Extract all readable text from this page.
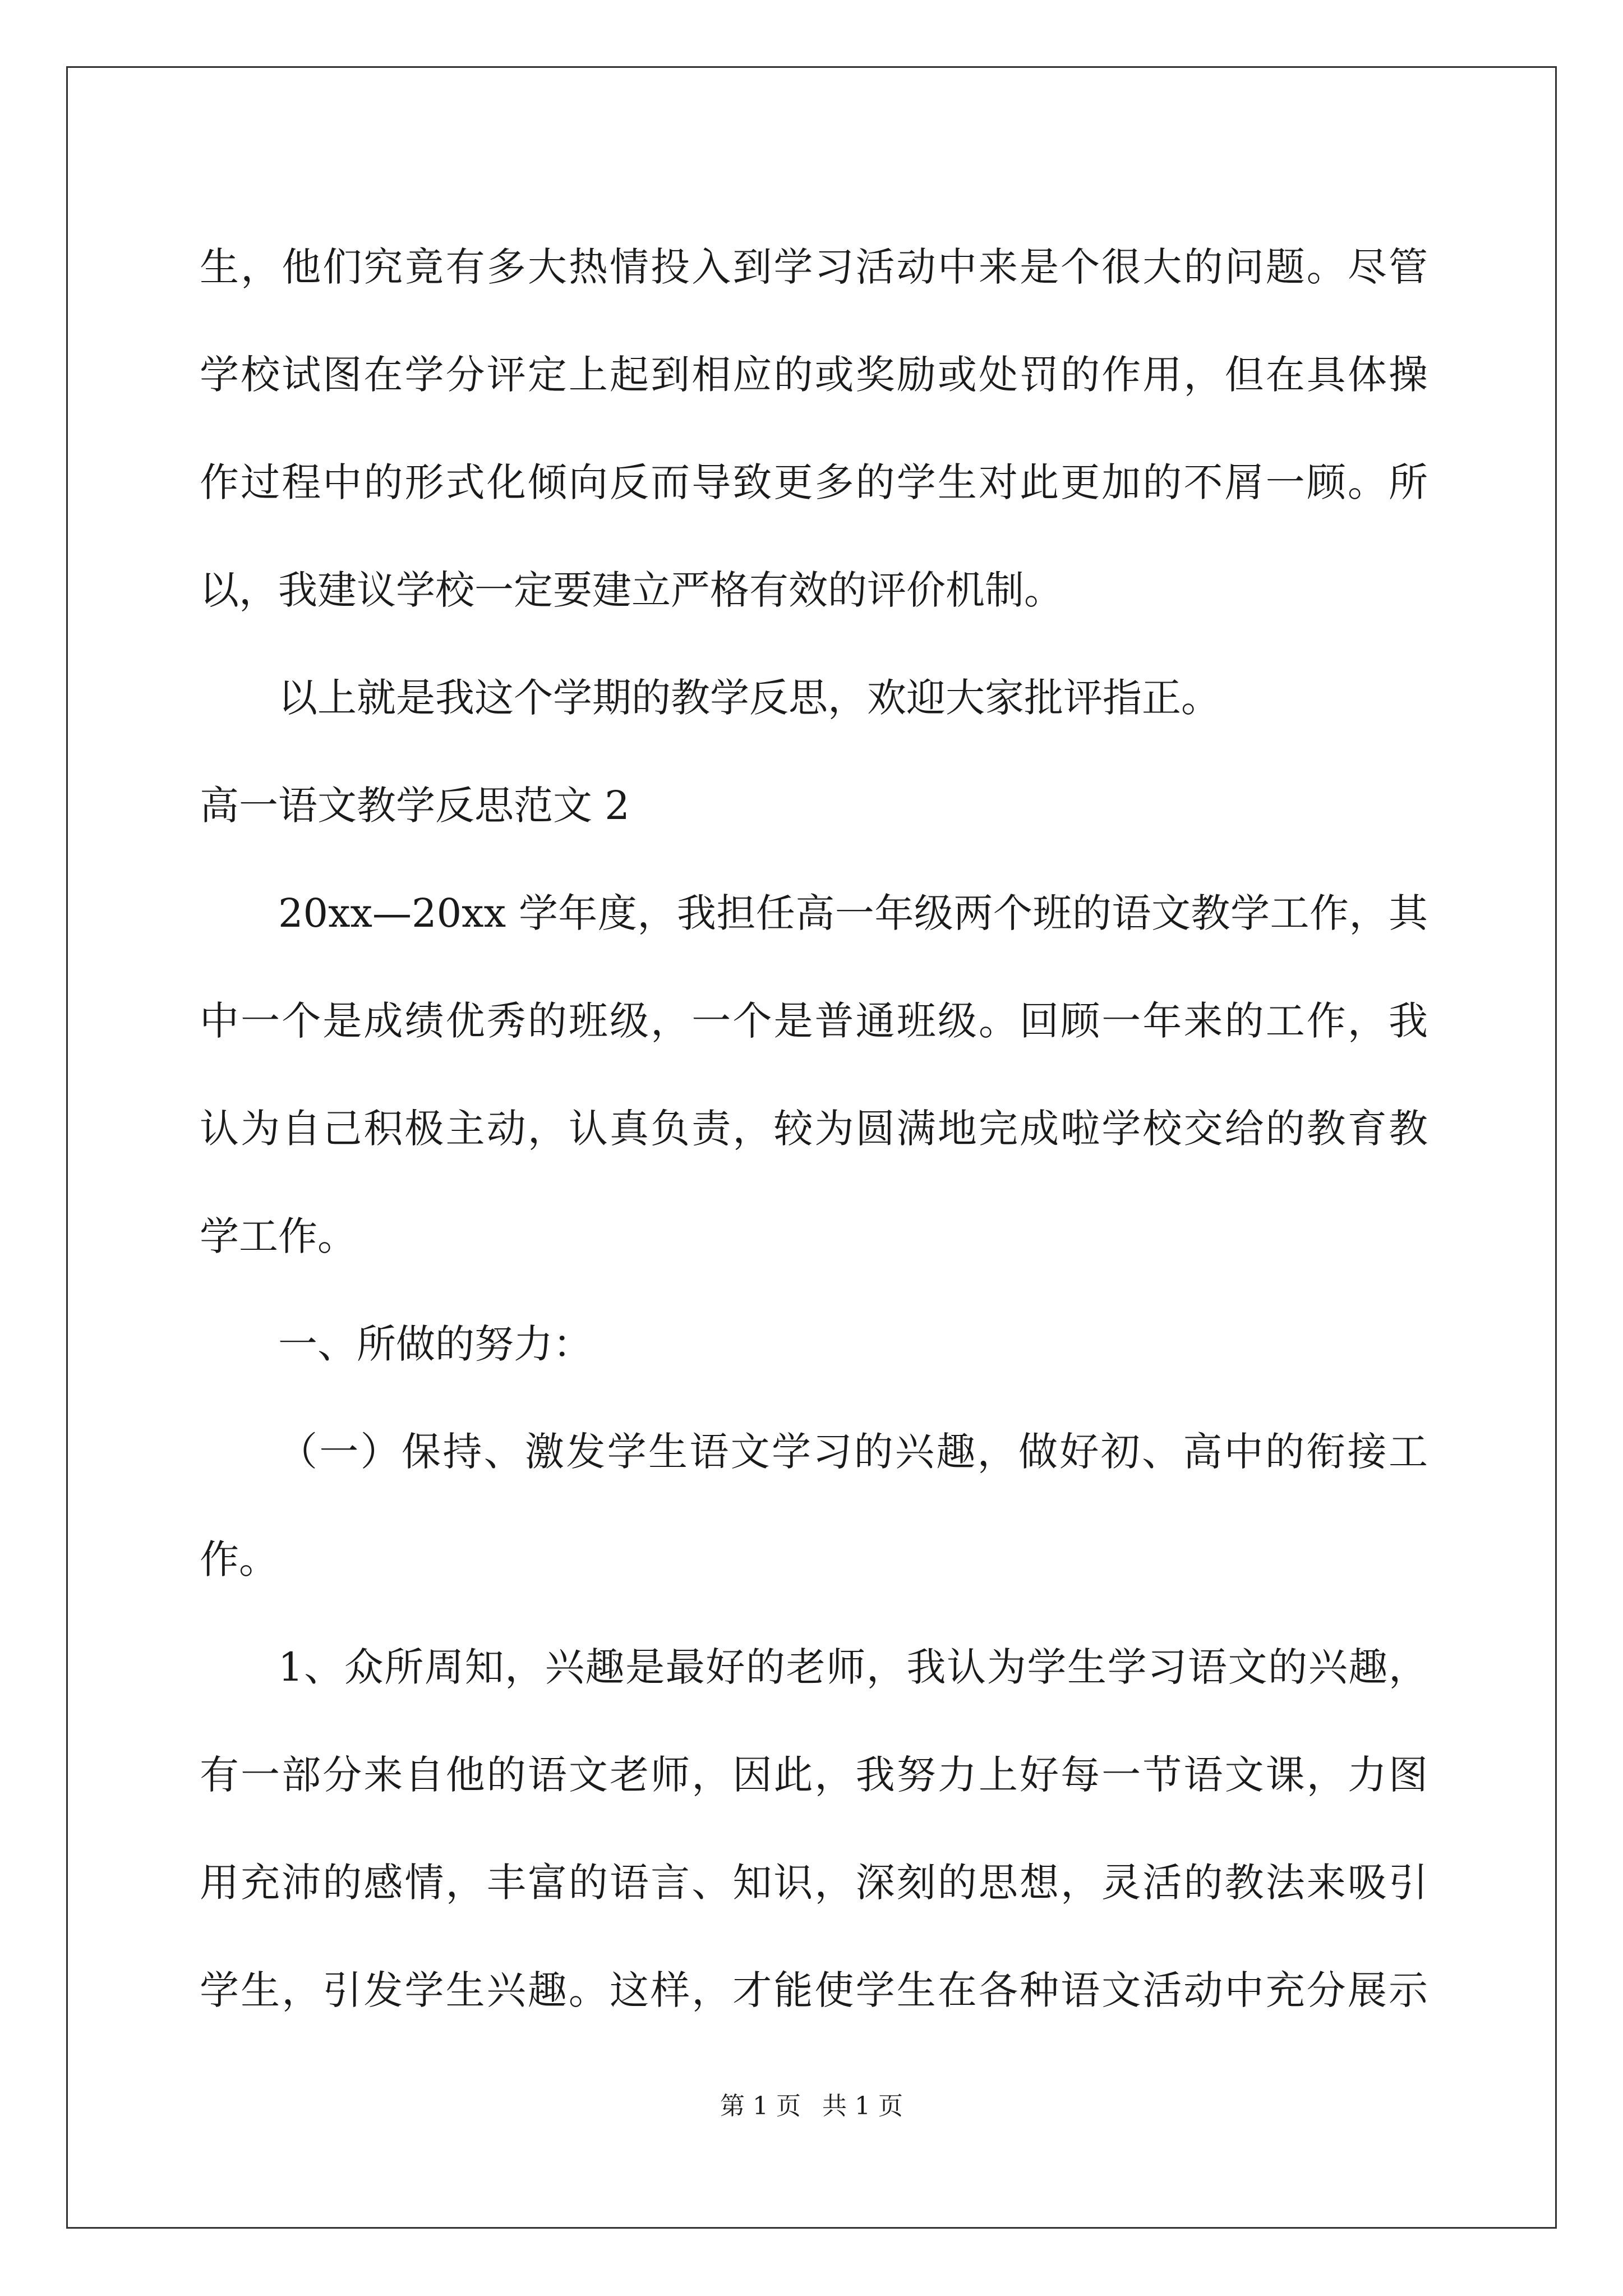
生，他们究竟有多大热情投入到学习活动中来是个很大的问题。尽管
学校试图在学分评定上起到相应的或奖励或处罚的作用，但在具体操
作过程中的形式化倾向反而导致更多的学生对此更加的不屑一顾。所
以，我建议学校一定要建立严格有效的评价机制。
以上就是我这个学期的教学反思，欢迎大家批评指正。
高一语文教学反思范文 2
20xx—20xx 学年度，我担任高一年级两个班的语文教学工作，其
中一个是成绩优秀的班级，一个是普通班级。回顾一年来的工作，我
认为自己积极主动，认真负责，较为圆满地完成啦学校交给的教育教
学工作。
一、所做的努力：
（一）保持、激发学生语文学习的兴趣，做好初、高中的衔接工
作。
1、众所周知，兴趣是最好的老师，我认为学生学习语文的兴趣，
有一部分来自他的语文老师，因此，我努力上好每一节语文课，力图
用充沛的感情，丰富的语言、知识，深刻的思想，灵活的教法来吸引
学生，引发学生兴趣。这样，才能使学生在各种语文活动中充分展示
第 1 页 共 1 页
